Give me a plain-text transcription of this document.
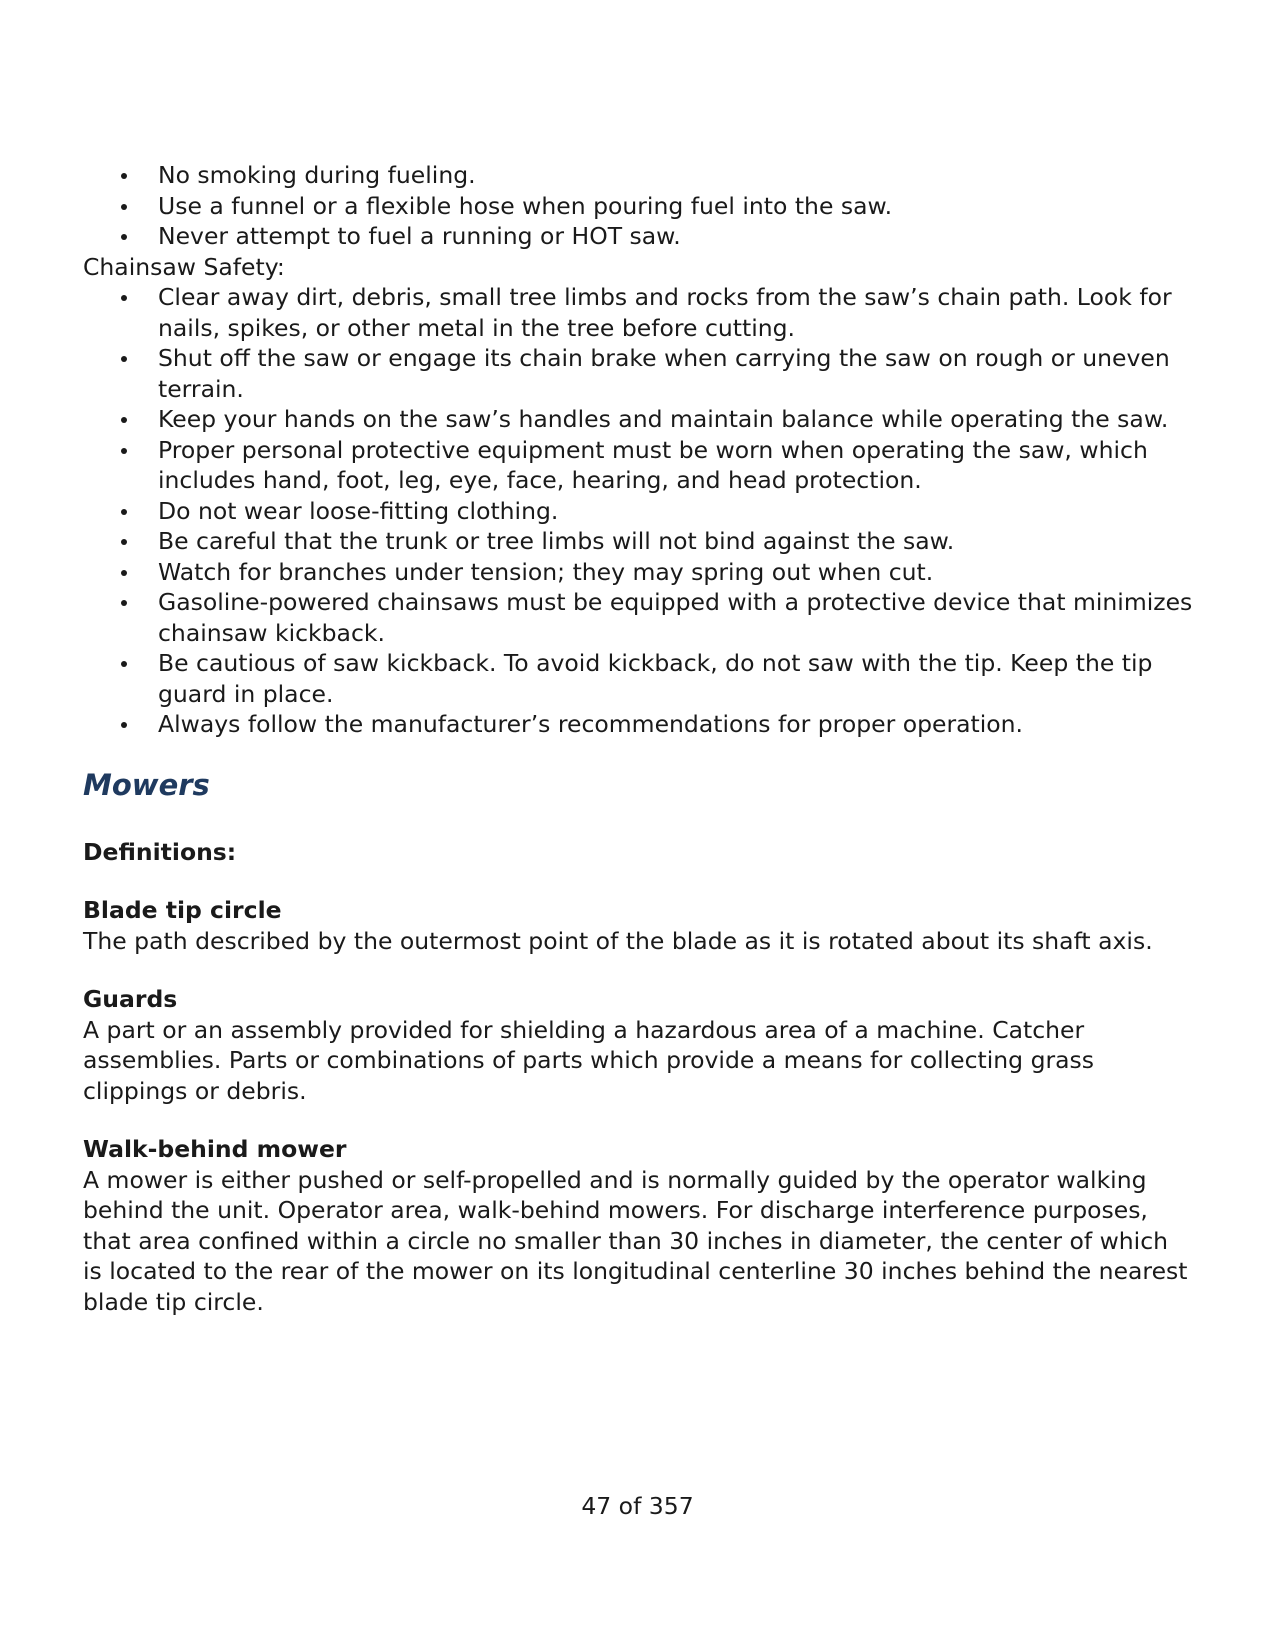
No smoking during fueling.
Use a funnel or a flexible hose when pouring fuel into the saw.
Never attempt to fuel a running or HOT saw.

Chainsaw Safety:

Clear away dirt, debris, small tree limbs and rocks from the saw’s chain path. Look for nails, spikes, or other metal in the tree before cutting.
Shut off the saw or engage its chain brake when carrying the saw on rough or uneven terrain.
Keep your hands on the saw’s handles and maintain balance while operating the saw.
Proper personal protective equipment must be worn when operating the saw, which includes hand, foot, leg, eye, face, hearing, and head protection.
Do not wear loose-fitting clothing.
Be careful that the trunk or tree limbs will not bind against the saw.
Watch for branches under tension; they may spring out when cut.
Gasoline-powered chainsaws must be equipped with a protective device that minimizes chainsaw kickback.
Be cautious of saw kickback. To avoid kickback, do not saw with the tip. Keep the tip guard in place.
Always follow the manufacturer’s recommendations for proper operation.
Mowers

Definitions:

Blade tip circle

The path described by the outermost point of the blade as it is rotated about its shaft axis.

Guards

A part or an assembly provided for shielding a hazardous area of a machine. Catcher assemblies. Parts or combinations of parts which provide a means for collecting grass clippings or debris.

Walk-behind mower

A mower is either pushed or self-propelled and is normally guided by the operator walking behind the unit. Operator area, walk-behind mowers. For discharge interference purposes, that area confined within a circle no smaller than 30 inches in diameter, the center of which is located to the rear of the mower on its longitudinal centerline 30 inches behind the nearest blade tip circle.

47 of 357
